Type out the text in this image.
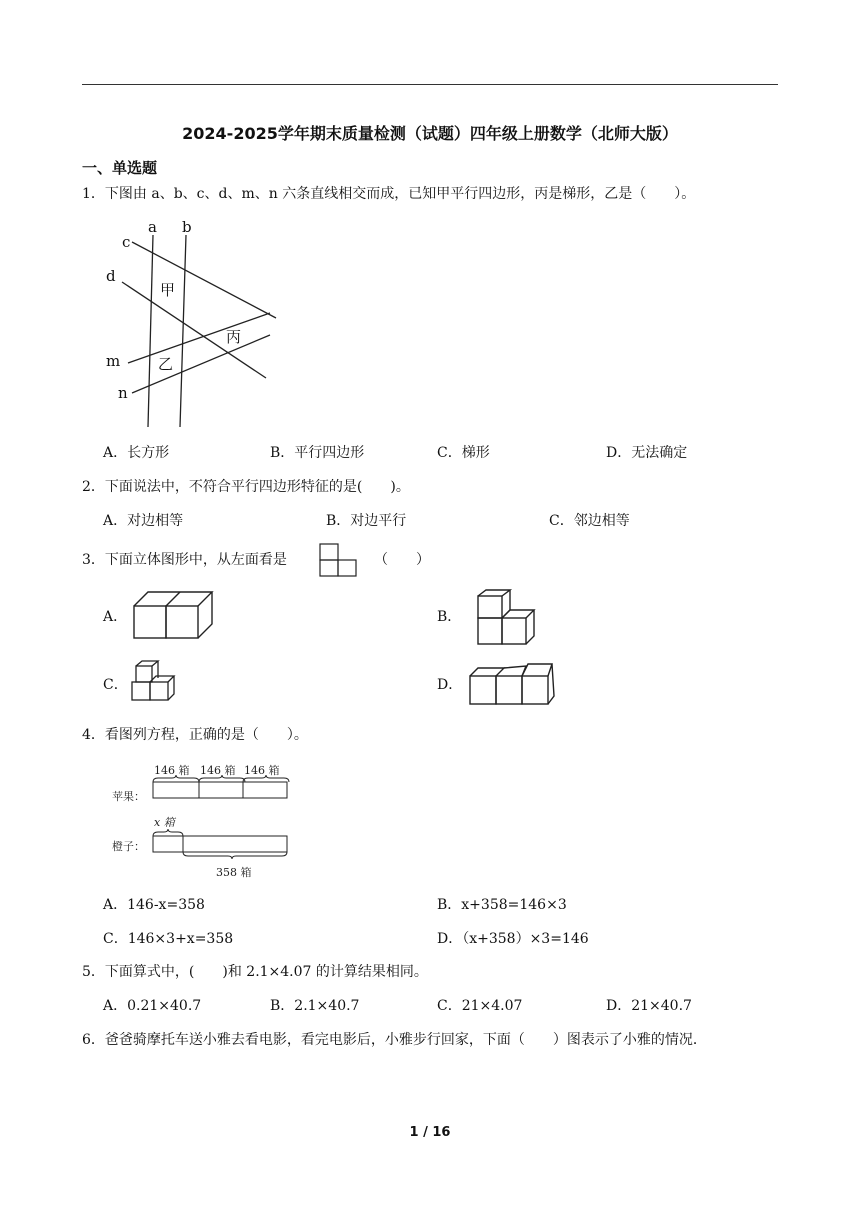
2024-2025学年期末质量检测（试题）四年级上册数学（北师大版）
一、单选题
1．下图由 a、b、c、d、m、n 六条直线相交而成，已知甲平行四边形，丙是梯形，乙是（　　）。
a b
c
d
m
n
甲
乙
丙
A．长方形	B．平行四边形	C．梯形	D．无法确定
2．下面说法中，不符合平行四边形特征的是(　　)。
A．对边相等	B．对边平行	C．邻边相等
3．下面立体图形中，从左面看是	（　　）
A．	B．
C．	D．
4．看图列方程，正确的是（　　）。
146 箱 146 箱 146 箱
苹果：
x 箱
橙子：
358 箱
A．146-x=358	B．x+358=146×3
C．146×3+x=358	D．（x+358）×3=146
5．下面算式中，(　　)和 2.1×4.07 的计算结果相同。
A．0.21×40.7	B．2.1×40.7	C．21×4.07	D．21×40.7
6．爸爸骑摩托车送小雅去看电影，看完电影后，小雅步行回家，下面（　　）图表示了小雅的情况．
1 / 16
